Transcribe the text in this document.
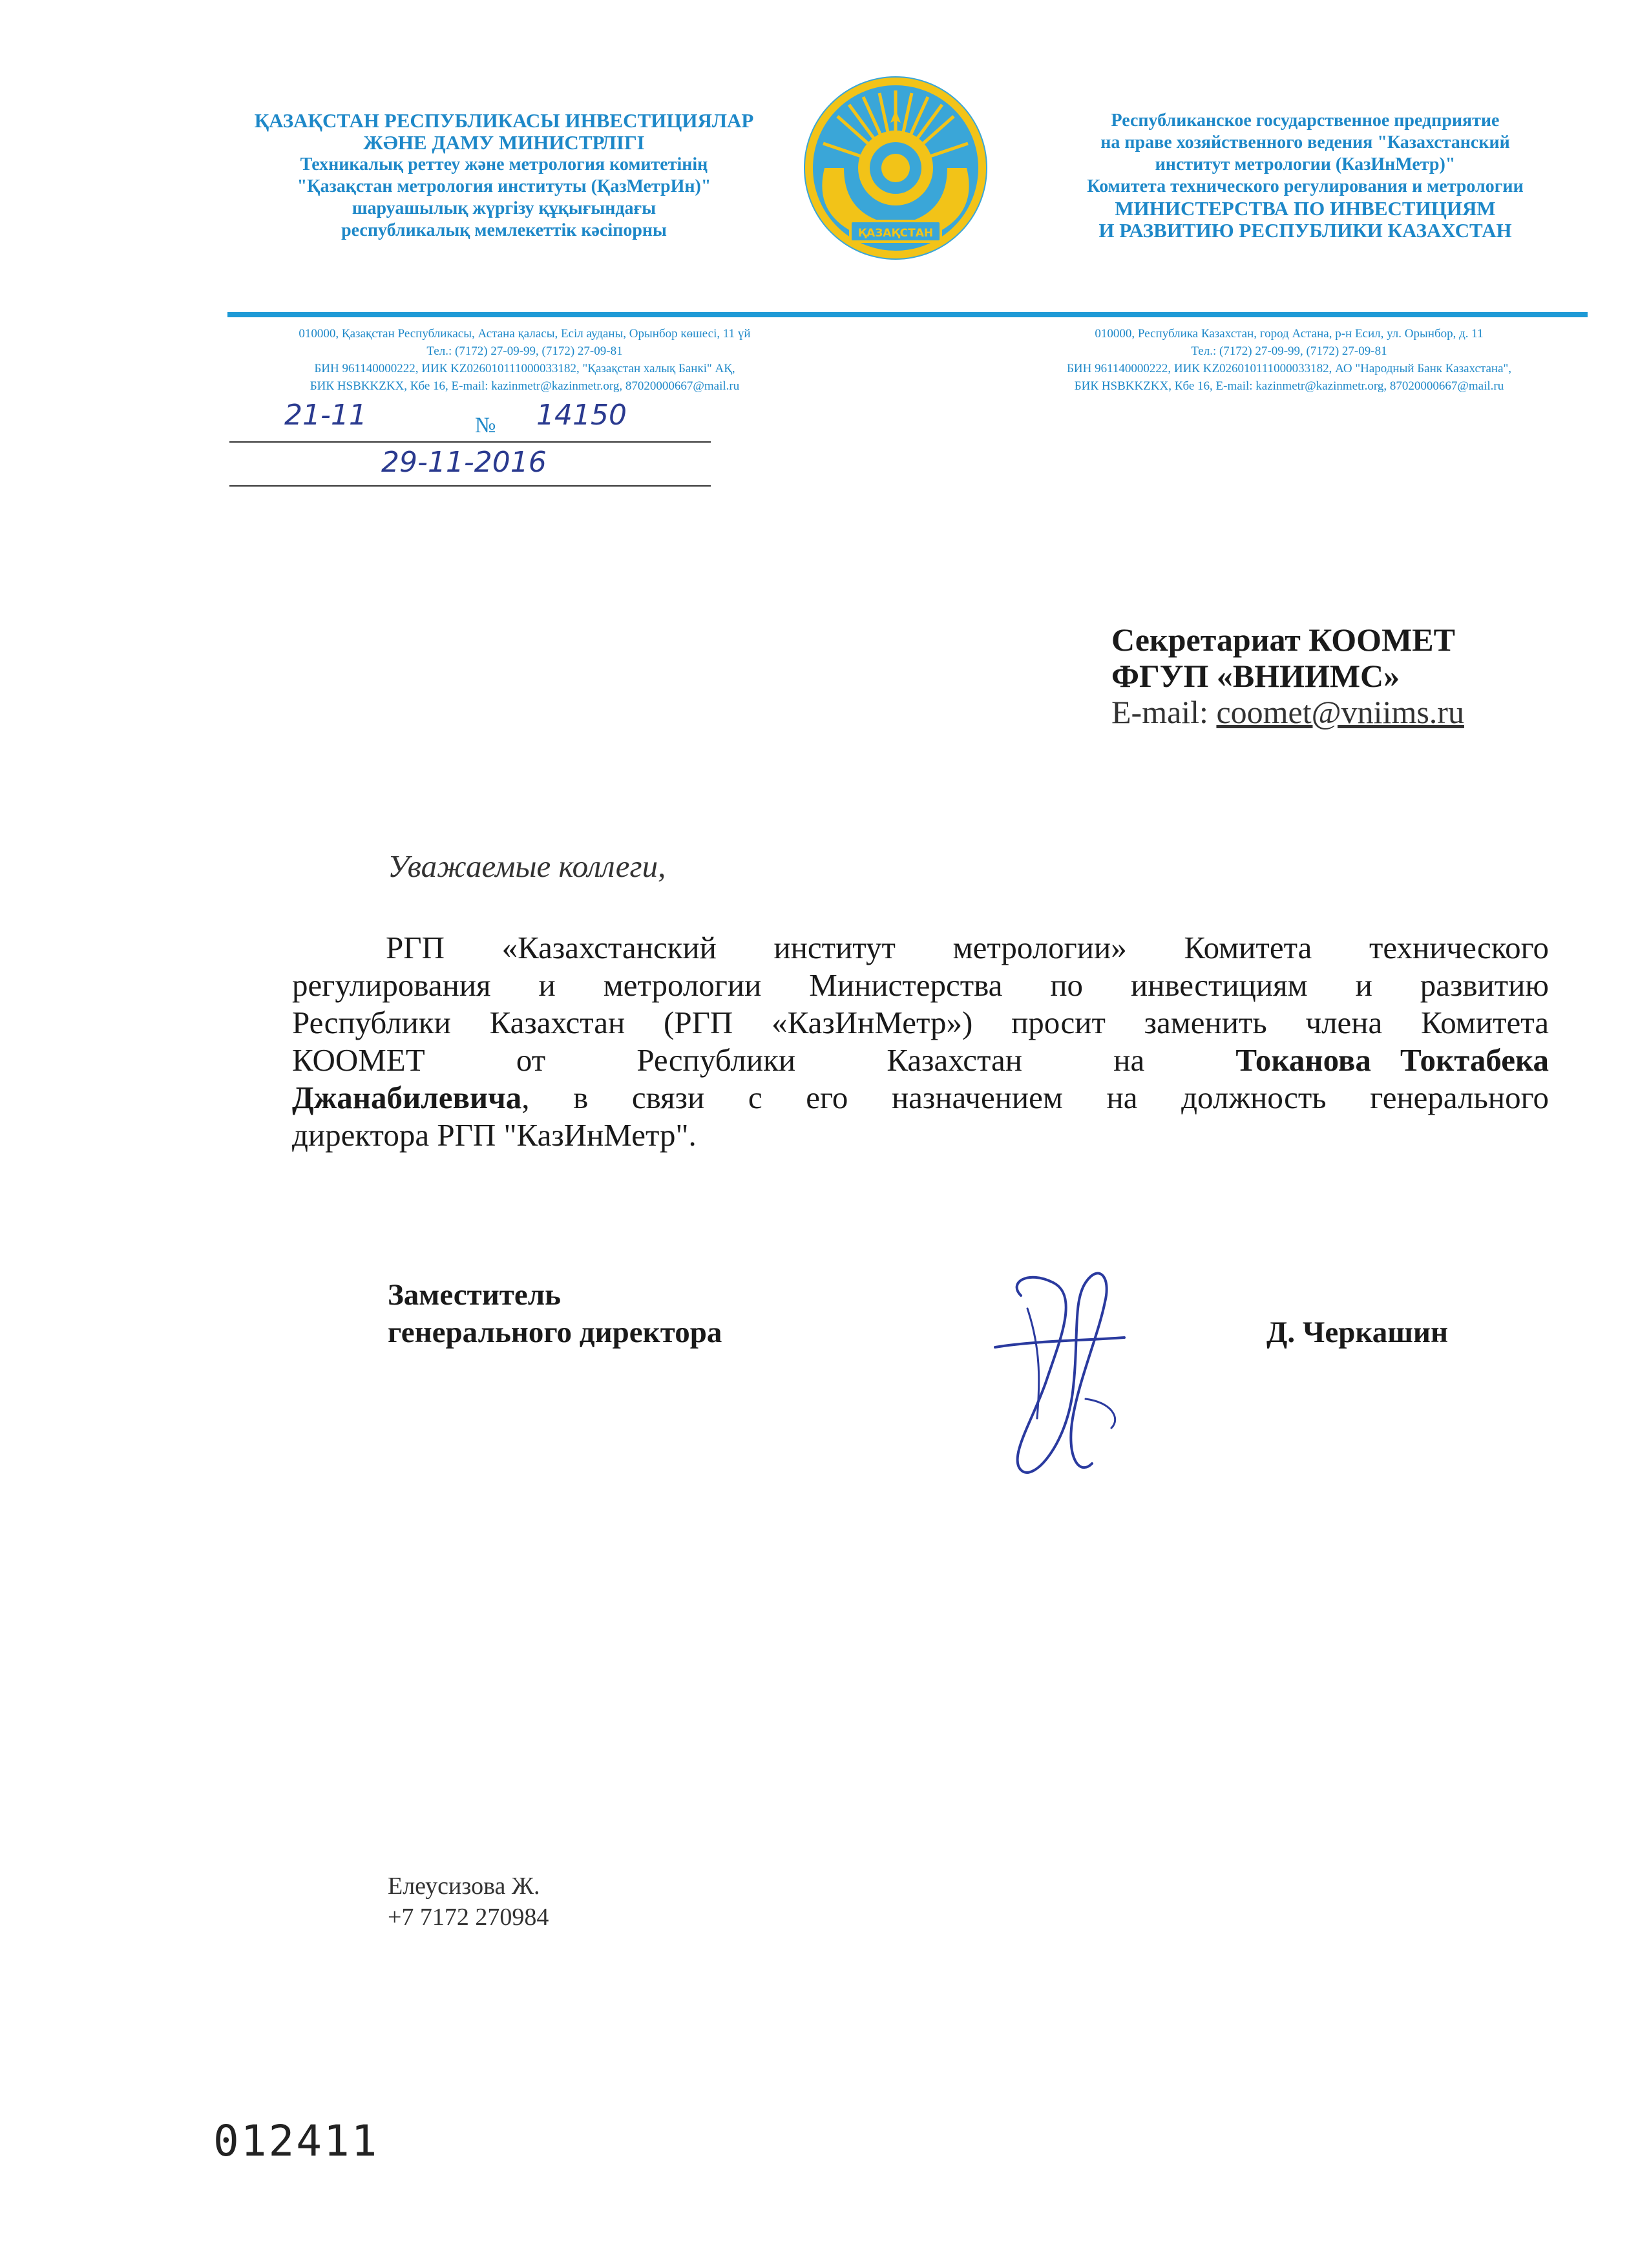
ҚАЗАҚСТАН РЕСПУБЛИКАСЫ ИНВЕСТИЦИЯЛАР
ЖӘНЕ ДАМУ МИНИСТРЛІГІ
Техникалық реттеу және метрология комитетінің
"Қазақстан метрология институты (ҚазМетрИн)"
шаруашылық жүргізу құқығындағы
республикалық мемлекеттік кәсіпорны	ҚАЗАҚСТАН
Республиканское государственное предприятие
на праве хозяйственного ведения "Казахстанский
институт метрологии (КазИнМетр)"
Комитета технического регулирования и метрологии
МИНИСТЕРСТВА ПО ИНВЕСТИЦИЯМ
И РАЗВИТИЮ РЕСПУБЛИКИ КАЗАХСТАН
010000, Қазақстан Республикасы, Астана қаласы, Есіл ауданы, Орынбор көшесі, 11 үй
Тел.: (7172) 27-09-99, (7172) 27-09-81
БИН 961140000222, ИИК KZ026010111000033182, "Қазақстан халық Банкі" АҚ,
БИК HSBKKZKX, Кбе 16, E-mail: kazinmetr@kazinmetr.org, 87020000667@mail.ru
010000, Республика Казахстан, город Астана, р-н Есил, ул. Орынбор, д. 11
Тел.: (7172) 27-09-99, (7172) 27-09-81
БИН 961140000222, ИИК KZ026010111000033182, АО "Народный Банк Казахстана",
БИК HSBKKZKX, Кбе 16, E-mail: kazinmetr@kazinmetr.org, 87020000667@mail.ru
21-11	№ 14150
29-11-2016
Секретариат КООМЕТ
ФГУП «ВНИИМС»
E-mail: coomet@vniims.ru
Уважаемые коллеги,
РГП «Казахстанский институт метрологии» Комитета технического
регулирования и метрологии Министерства по инвестициям и развитию
Республики Казахстан (РГП «КазИнМетр») просит заменить члена Комитета
КООМЕТ от Республики Казахстан на Токанова Токтабека
Джанабилевича, в связи с его назначением на должность генерального
директора РГП "КазИнМетр".
Заместитель
генерального директора	Д. Черкашин
Елеусизова Ж.
+7 7172 270984
012411
